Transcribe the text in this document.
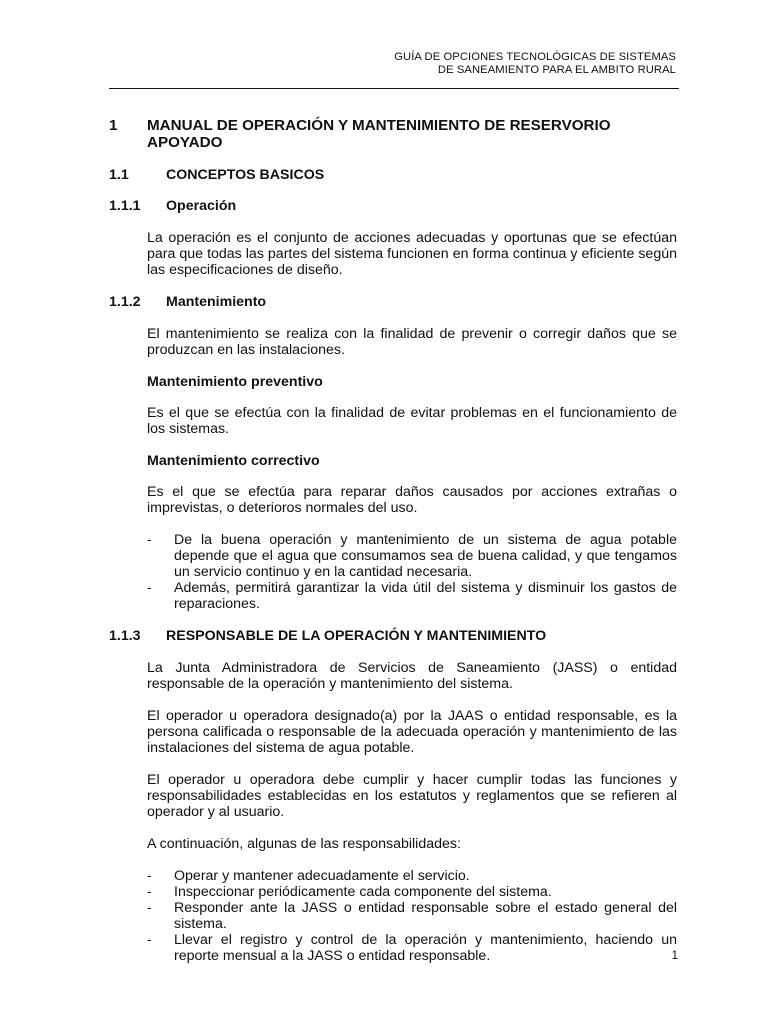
GUÍA DE OPCIONES TECNOLÓGICAS DE SISTEMAS
DE SANEAMIENTO PARA EL AMBITO RURAL
1	MANUAL DE OPERACIÓN Y MANTENIMIENTO DE RESERVORIO APOYADO
1.1	CONCEPTOS BASICOS
1.1.1	Operación

La operación es el conjunto de acciones adecuadas y oportunas que se efectúan para que todas las partes del sistema funcionen en forma continua y eficiente según las especificaciones de diseño.

1.1.2	Mantenimiento

El mantenimiento se realiza con la finalidad de prevenir o corregir daños que se produzcan en las instalaciones.

Mantenimiento preventivo

Es el que se efectúa con la finalidad de evitar problemas en el funcionamiento de los sistemas.

Mantenimiento correctivo

Es el que se efectúa para reparar daños causados por acciones extrañas o imprevistas, o deterioros normales del uso.

-	De la buena operación y mantenimiento de un sistema de agua potable depende que el agua que consumamos sea de buena calidad, y que tengamos un servicio continuo y en la cantidad necesaria.
-	Además, permitirá garantizar la vida útil del sistema y disminuir los gastos de reparaciones.
1.1.3	RESPONSABLE DE LA OPERACIÓN Y MANTENIMIENTO

La Junta Administradora de Servicios de Saneamiento (JASS) o entidad responsable de la operación y mantenimiento del sistema.

El operador u operadora designado(a) por la JAAS o entidad responsable, es la persona calificada o responsable de la adecuada operación y mantenimiento de las instalaciones del sistema de agua potable.

El operador u operadora debe cumplir y hacer cumplir todas las funciones y responsabilidades establecidas en los estatutos y reglamentos que se refieren al operador y al usuario.

A continuación, algunas de las responsabilidades:

-	Operar y mantener adecuadamente el servicio.
-	Inspeccionar periódicamente cada componente del sistema.
-	Responder ante la JASS o entidad responsable sobre el estado general del sistema.
-	Llevar el registro y control de la operación y mantenimiento, haciendo un reporte mensual a la JASS o entidad responsable.	1
